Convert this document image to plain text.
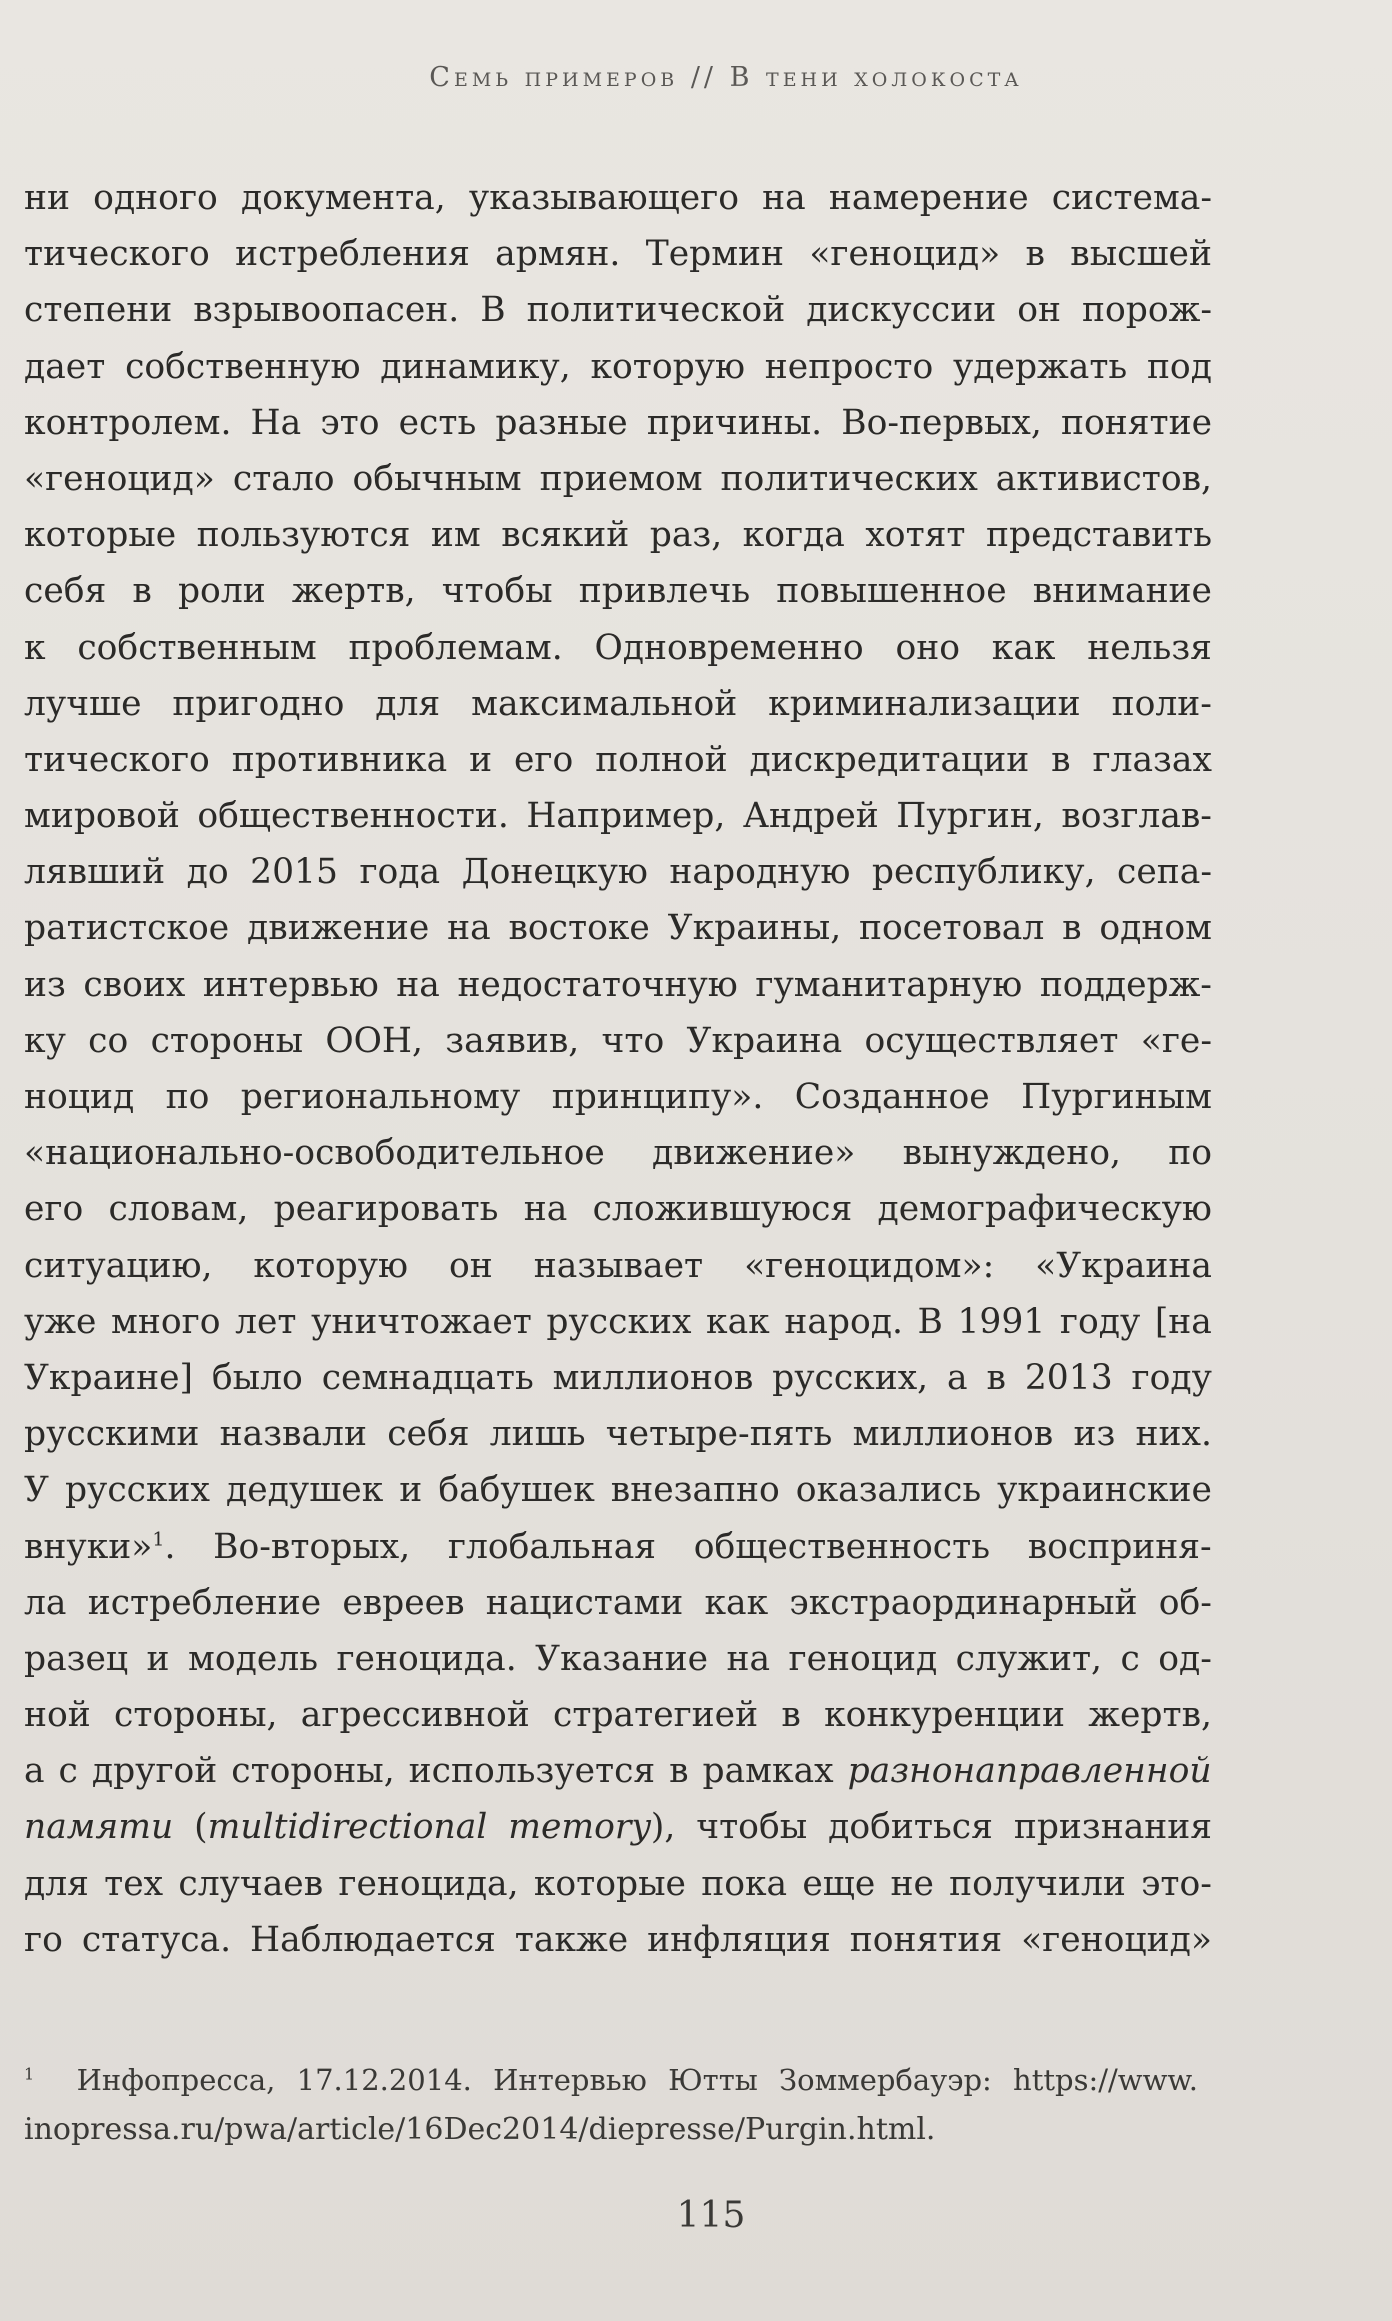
Семь примеров // В тени холокоста
ни одного документа, указывающего на намерение система-
тического истребления армян. Термин «геноцид» в высшей
степени взрывоопасен. В политической дискуссии он порож-
дает собственную динамику, которую непросто удержать под
контролем. На это есть разные причины. Во-первых, понятие
«геноцид» стало обычным приемом политических активистов,
которые пользуются им всякий раз, когда хотят представить
себя в роли жертв, чтобы привлечь повышенное внимание
к собственным проблемам. Одновременно оно как нельзя
лучше пригодно для максимальной криминализации поли-
тического противника и его полной дискредитации в глазах
мировой общественности. Например, Андрей Пургин, возглав-
лявший до 2015 года Донецкую народную республику, сепа-
ратистское движение на востоке Украины, посетовал в одном
из своих интервью на недостаточную гуманитарную поддерж-
ку со стороны ООН, заявив, что Украина осуществляет «ге-
ноцид по региональному принципу». Созданное Пургиным
«национально-освободительное движение» вынуждено, по
его словам, реагировать на сложившуюся демографическую
ситуацию, которую он называет «геноцидом»: «Украина
уже много лет уничтожает русских как народ. В 1991 году [на
Украине] было семнадцать миллионов русских, а в 2013 году
русскими назвали себя лишь четыре-пять миллионов из них.
У русских дедушек и бабушек внезапно оказались украинские
внуки»$^1$. Во-вторых, глобальная общественность восприня-
ла истребление евреев нацистами как экстраординарный об-
разец и модель геноцида. Указание на геноцид служит, с од-
ной стороны, агрессивной стратегией в конкуренции жертв,
а с другой стороны, используется в рамках разнонаправленной
памяти (multidirectional memory), чтобы добиться признания
для тех случаев геноцида, которые пока еще не получили это-
го статуса. Наблюдается также инфляция понятия «геноцид»
$^1$ Инфопресса, 17.12.2014. Интервью Ютты Зоммербауэр: https://www.
inopressa.ru/pwa/article/16Dec2014/diepresse/Purgin.html.
115
